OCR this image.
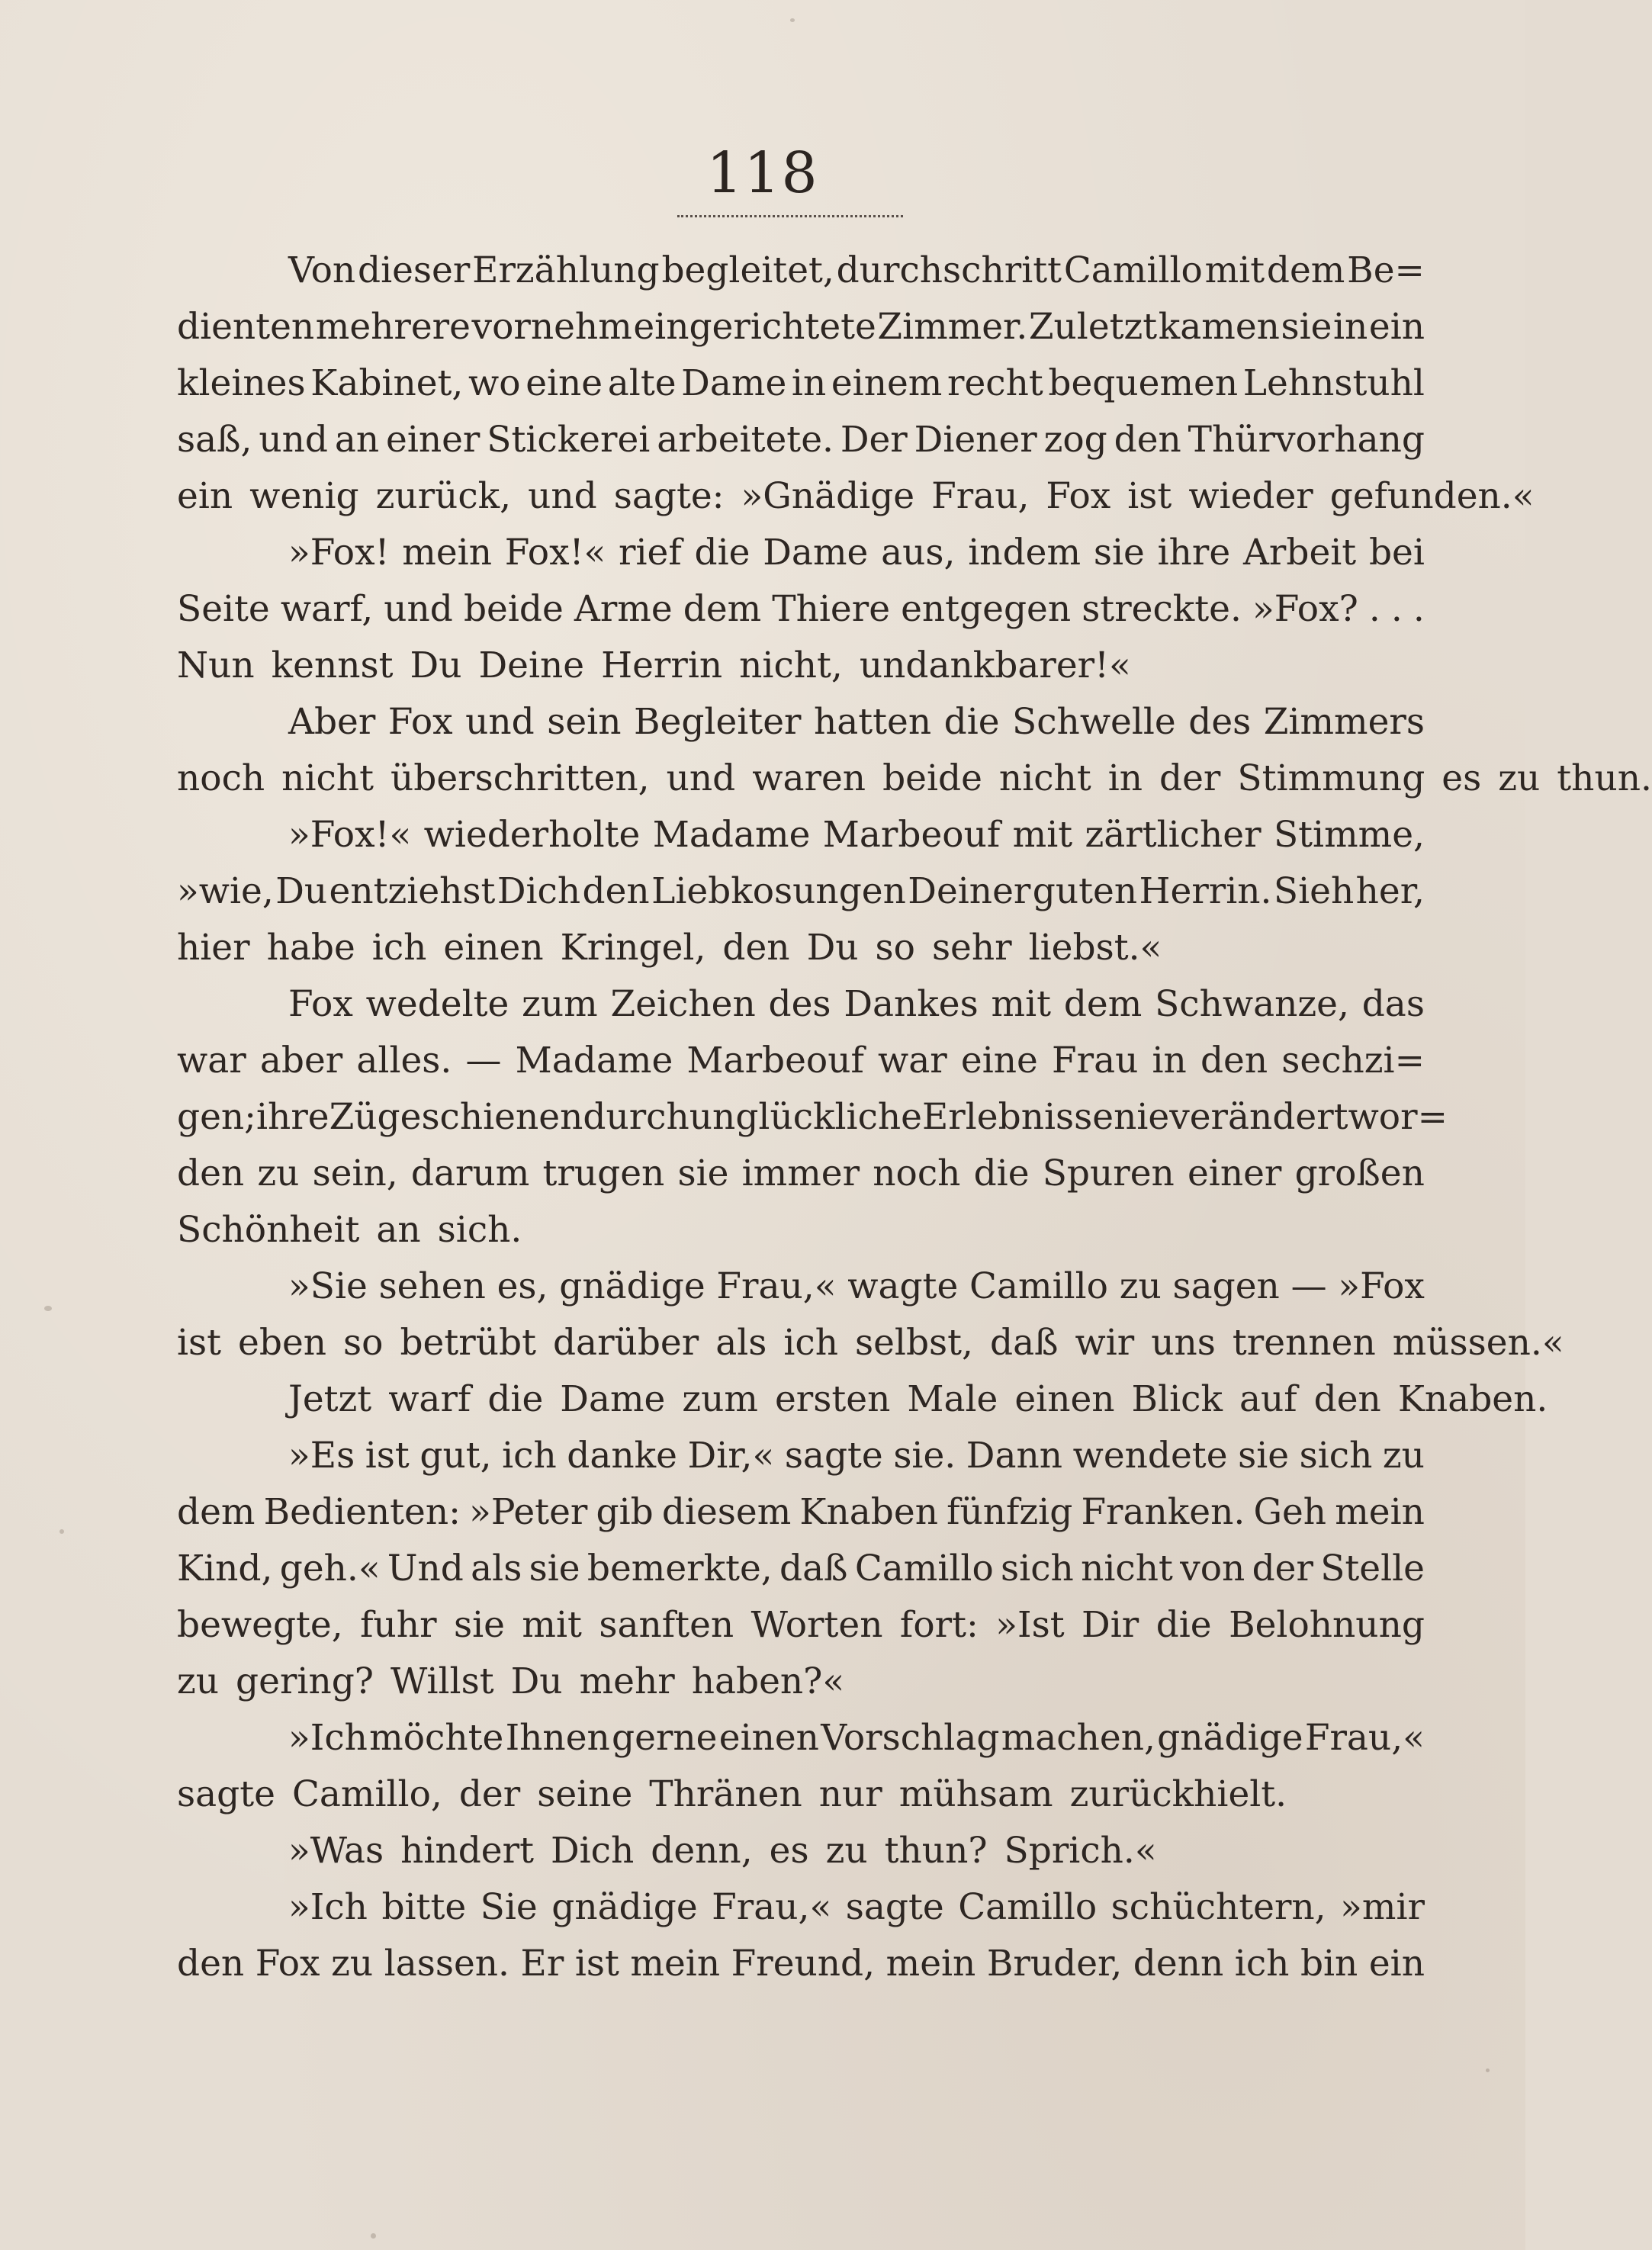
118
Von dieser Erzählung begleitet, durchschritt Camillo mit dem Be=
dienten mehrere vornehm eingerichtete Zimmer. Zuletzt kamen sie in ein
kleines Kabinet, wo eine alte Dame in einem recht bequemen Lehnstuhl
saß, und an einer Stickerei arbeitete. Der Diener zog den Thürvorhang
ein wenig zurück, und sagte: »Gnädige Frau, Fox ist wieder gefunden.«
»Fox! mein Fox!« rief die Dame aus, indem sie ihre Arbeit bei
Seite warf, und beide Arme dem Thiere entgegen streckte. »Fox? . . .
Nun kennst Du Deine Herrin nicht, undankbarer!«
Aber Fox und sein Begleiter hatten die Schwelle des Zimmers
noch nicht überschritten, und waren beide nicht in der Stimmung es zu thun.
»Fox!« wiederholte Madame Marbeouf mit zärtlicher Stimme,
»wie, Du entziehst Dich den Liebkosungen Deiner guten Herrin. Sieh her,
hier habe ich einen Kringel, den Du so sehr liebst.«
Fox wedelte zum Zeichen des Dankes mit dem Schwanze, das
war aber alles. — Madame Marbeouf war eine Frau in den sechzi=
gen; ihre Züge schienen durch unglückliche Erlebnisse nie verändert wor=
den zu sein, darum trugen sie immer noch die Spuren einer großen
Schönheit an sich.
»Sie sehen es, gnädige Frau,« wagte Camillo zu sagen — »Fox
ist eben so betrübt darüber als ich selbst, daß wir uns trennen müssen.«
Jetzt warf die Dame zum ersten Male einen Blick auf den Knaben.
»Es ist gut, ich danke Dir,« sagte sie. Dann wendete sie sich zu
dem Bedienten: »Peter gib diesem Knaben fünfzig Franken. Geh mein
Kind, geh.« Und als sie bemerkte, daß Camillo sich nicht von der Stelle
bewegte, fuhr sie mit sanften Worten fort: »Ist Dir die Belohnung
zu gering? Willst Du mehr haben?«
»Ich möchte Ihnen gerne einen Vorschlag machen, gnädige Frau,«
sagte Camillo, der seine Thränen nur mühsam zurückhielt.
»Was hindert Dich denn, es zu thun? Sprich.«
»Ich bitte Sie gnädige Frau,« sagte Camillo schüchtern, »mir
den Fox zu lassen. Er ist mein Freund, mein Bruder, denn ich bin ein
